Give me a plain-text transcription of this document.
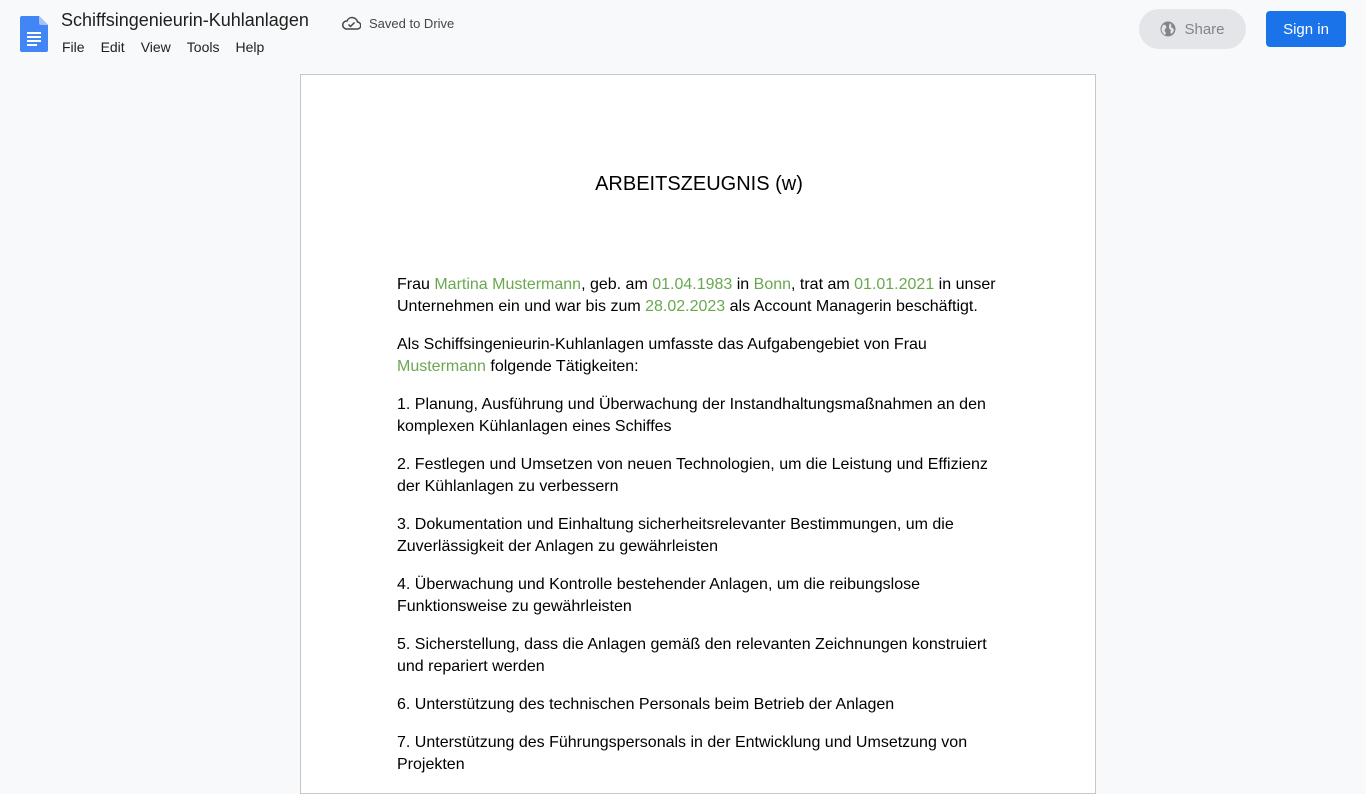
Schiffsingenieurin-Kuhlanlagen	Saved to Drive
File	Edit	View	Tools	Help
Share	Sign in
ARBEITSZEUGNIS (w)

Frau Martina Mustermann, geb. am 01.04.1983 in Bonn, trat am 01.01.2021 in unser Unternehmen ein und war bis zum 28.02.2023 als Account Managerin beschäftigt.

Als Schiffsingenieurin-Kuhlanlagen umfasste das Aufgabengebiet von Frau Mustermann folgende Tätigkeiten:

1. Planung, Ausführung und Überwachung der Instandhaltungsmaßnahmen an den komplexen Kühlanlagen eines Schiffes

2. Festlegen und Umsetzen von neuen Technologien, um die Leistung und Effizienz der Kühlanlagen zu verbessern

3. Dokumentation und Einhaltung sicherheitsrelevanter Bestimmungen, um die Zuverlässigkeit der Anlagen zu gewährleisten

4. Überwachung und Kontrolle bestehender Anlagen, um die reibungslose Funktionsweise zu gewährleisten

5. Sicherstellung, dass die Anlagen gemäß den relevanten Zeichnungen konstruiert und repariert werden

6. Unterstützung des technischen Personals beim Betrieb der Anlagen

7. Unterstützung des Führungspersonals in der Entwicklung und Umsetzung von Projekten
